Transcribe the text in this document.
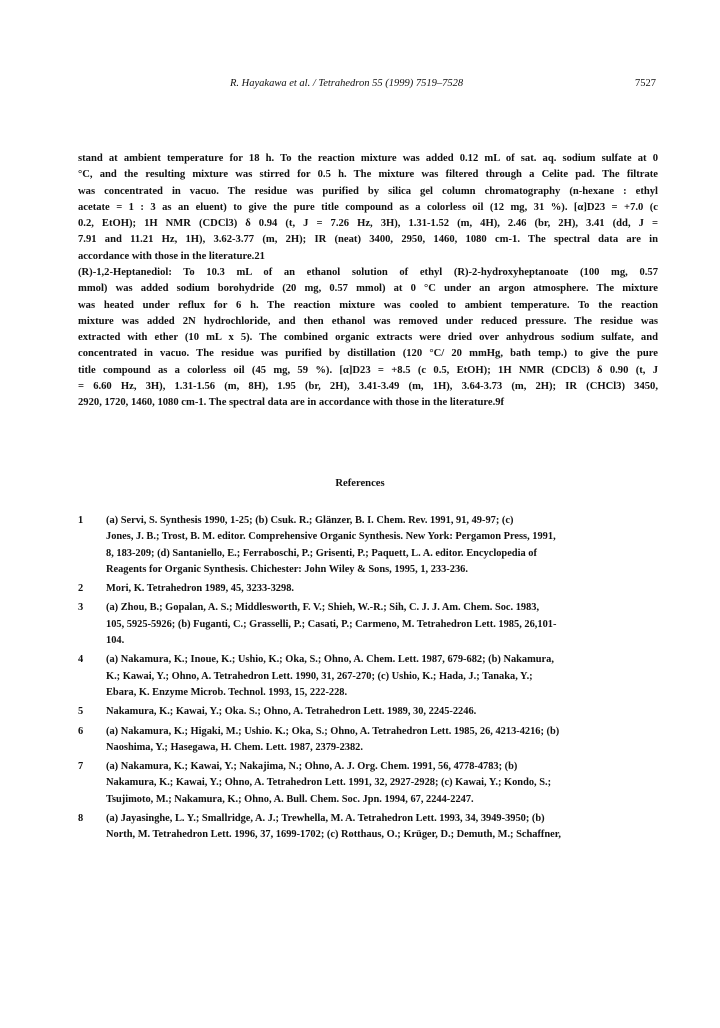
R. Hayakawa et al. / Tetrahedron 55 (1999) 7519–7528	7527
stand at ambient temperature for 18 h. To the reaction mixture was added 0.12 mL of sat. aq. sodium sulfate at 0
°C, and the resulting mixture was stirred for 0.5 h. The mixture was filtered through a Celite pad. The filtrate
was concentrated in vacuo. The residue was purified by silica gel column chromatography (n-hexane : ethyl
acetate = 1 : 3 as an eluent) to give the pure title compound as a colorless oil (12 mg, 31 %). [α]D23 = +7.0 (c
0.2, EtOH); 1H NMR (CDCl3) δ 0.94 (t, J = 7.26 Hz, 3H), 1.31-1.52 (m, 4H), 2.46 (br, 2H), 3.41 (dd, J =
7.91 and 11.21 Hz, 1H), 3.62-3.77 (m, 2H); IR (neat) 3400, 2950, 1460, 1080 cm-1. The spectral data are in
accordance with those in the literature.21
(R)-1,2-Heptanediol: To 10.3 mL of an ethanol solution of ethyl (R)-2-hydroxyheptanoate (100 mg, 0.57
mmol) was added sodium borohydride (20 mg, 0.57 mmol) at 0 °C under an argon atmosphere. The mixture
was heated under reflux for 6 h. The reaction mixture was cooled to ambient temperature. To the reaction
mixture was added 2N hydrochloride, and then ethanol was removed under reduced pressure. The residue was
extracted with ether (10 mL x 5). The combined organic extracts were dried over anhydrous sodium sulfate, and
concentrated in vacuo. The residue was purified by distillation (120 °C/ 20 mmHg, bath temp.) to give the pure
title compound as a colorless oil (45 mg, 59 %). [α]D23 = +8.5 (c 0.5, EtOH); 1H NMR (CDCl3) δ 0.90 (t, J
= 6.60 Hz, 3H), 1.31-1.56 (m, 8H), 1.95 (br, 2H), 3.41-3.49 (m, 1H), 3.64-3.73 (m, 2H); IR (CHCl3) 3450,
2920, 1720, 1460, 1080 cm-1. The spectral data are in accordance with those in the literature.9f
References
1	(a) Servi, S. Synthesis 1990, 1-25; (b) Csuk. R.; Glänzer, B. I. Chem. Rev. 1991, 91, 49-97; (c)
Jones, J. B.; Trost, B. M. editor. Comprehensive Organic Synthesis. New York: Pergamon Press, 1991,
8, 183-209; (d) Santaniello, E.; Ferraboschi, P.; Grisenti, P.; Paquett, L. A. editor. Encyclopedia of
Reagents for Organic Synthesis. Chichester: John Wiley & Sons, 1995, 1, 233-236.
2	Mori, K. Tetrahedron 1989, 45, 3233-3298.
3	(a) Zhou, B.; Gopalan, A. S.; Middlesworth, F. V.; Shieh, W.-R.; Sih, C. J. J. Am. Chem. Soc. 1983,
105, 5925-5926; (b) Fuganti, C.; Grasselli, P.; Casati, P.; Carmeno, M. Tetrahedron Lett. 1985, 26,101-
104.
4	(a) Nakamura, K.; Inoue, K.; Ushio, K.; Oka, S.; Ohno, A. Chem. Lett. 1987, 679-682; (b) Nakamura,
K.; Kawai, Y.; Ohno, A. Tetrahedron Lett. 1990, 31, 267-270; (c) Ushio, K.; Hada, J.; Tanaka, Y.;
Ebara, K. Enzyme Microb. Technol. 1993, 15, 222-228.
5	Nakamura, K.; Kawai, Y.; Oka. S.; Ohno, A. Tetrahedron Lett. 1989, 30, 2245-2246.
6	(a) Nakamura, K.; Higaki, M.; Ushio. K.; Oka, S.; Ohno, A. Tetrahedron Lett. 1985, 26, 4213-4216; (b)
Naoshima, Y.; Hasegawa, H. Chem. Lett. 1987, 2379-2382.
7	(a) Nakamura, K.; Kawai, Y.; Nakajima, N.; Ohno, A. J. Org. Chem. 1991, 56, 4778-4783; (b)
Nakamura, K.; Kawai, Y.; Ohno, A. Tetrahedron Lett. 1991, 32, 2927-2928; (c) Kawai, Y.; Kondo, S.;
Tsujimoto, M.; Nakamura, K.; Ohno, A. Bull. Chem. Soc. Jpn. 1994, 67, 2244-2247.
8	(a) Jayasinghe, L. Y.; Smallridge, A. J.; Trewhella, M. A. Tetrahedron Lett. 1993, 34, 3949-3950; (b)
North, M. Tetrahedron Lett. 1996, 37, 1699-1702; (c) Rotthaus, O.; Krüger, D.; Demuth, M.; Schaffner,
